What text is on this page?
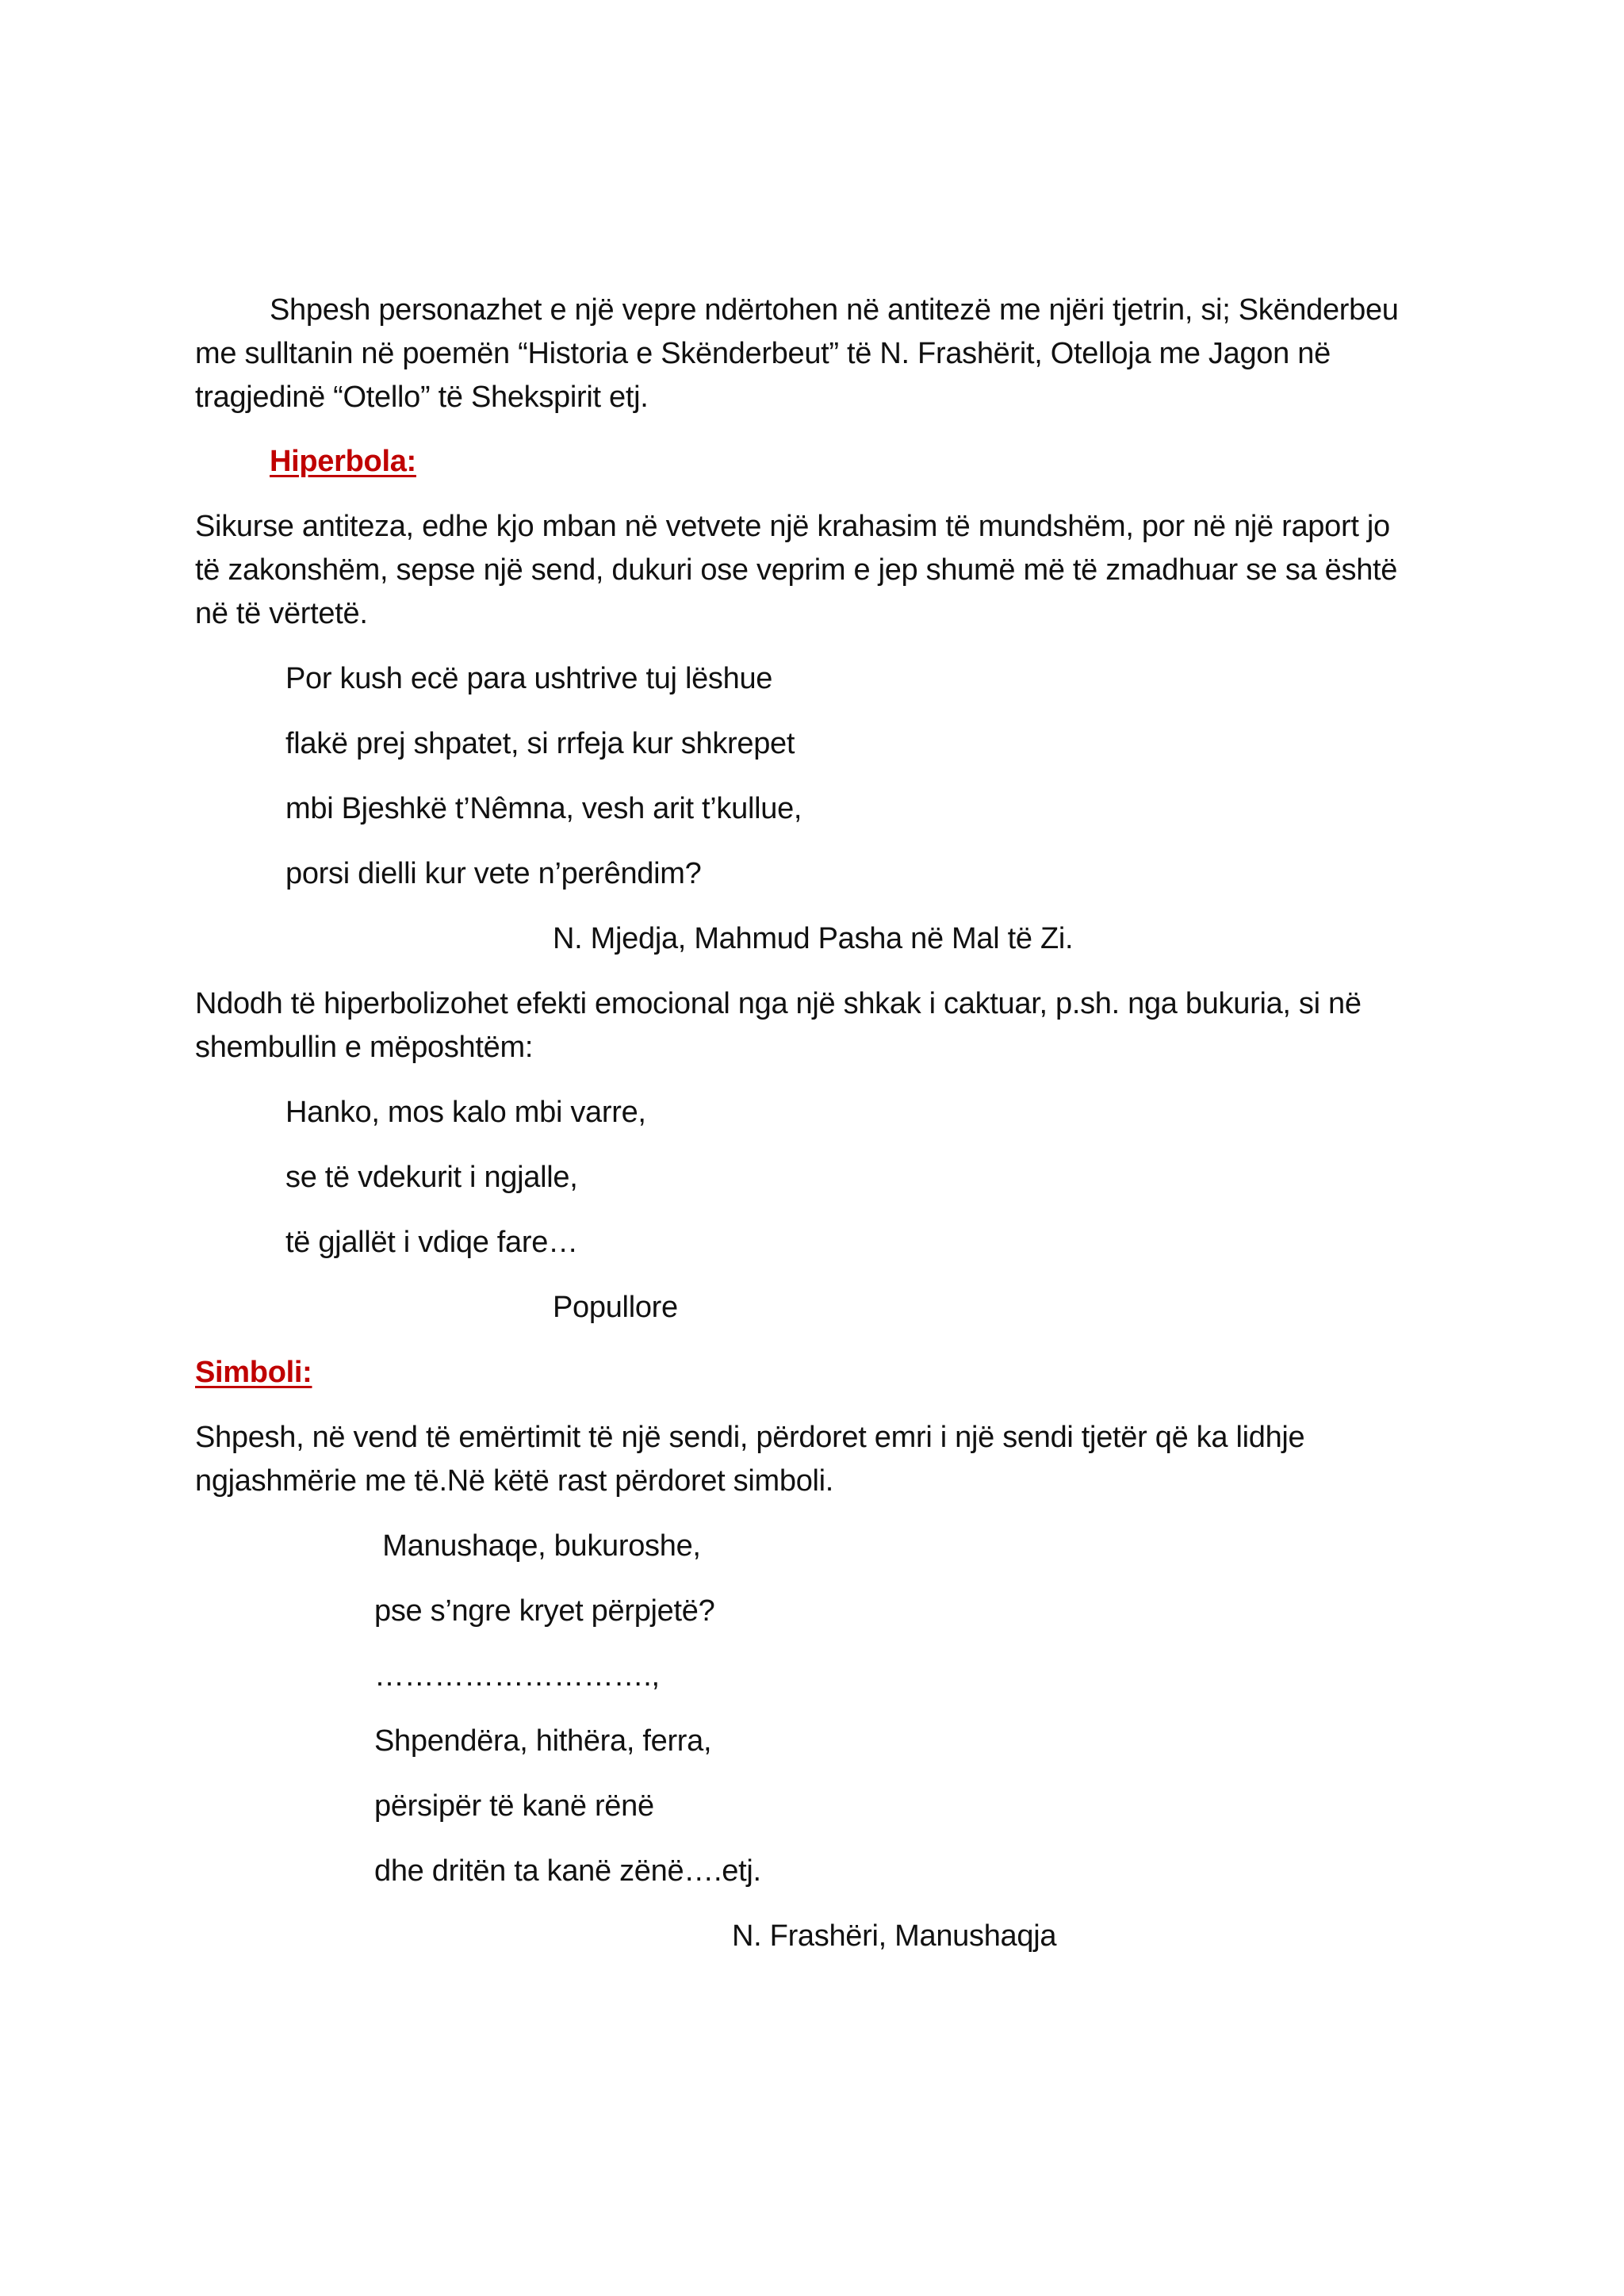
Shpesh personazhet e një vepre ndërtohen në antitezë me njëri tjetrin, si; Skënderbeu
me sulltanin në poemën “Historia e Skënderbeut” të N. Frashërit, Otelloja me Jagon në
tragjedinë “Otello” të Shekspirit etj.
Hiperbola:
Sikurse antiteza, edhe kjo mban në vetvete një krahasim të mundshëm, por në një raport jo
të zakonshëm, sepse një send, dukuri ose veprim e jep shumë më të zmadhuar se sa është
në të vërtetë.
Por kush ecë para ushtrive tuj lëshue
flakë prej shpatet, si rrfeja kur shkrepet
mbi Bjeshkë t’Nêmna, vesh arit t’kullue,
porsi dielli kur vete n’perêndim?
N. Mjedja, Mahmud Pasha në Mal të Zi.
Ndodh të hiperbolizohet efekti emocional nga një shkak i caktuar, p.sh. nga bukuria, si në
shembullin e mëposhtëm:
Hanko, mos kalo mbi varre,
se të vdekurit i ngjalle,
të gjallët i vdiqe fare…
Popullore
Simboli:
Shpesh, në vend të emërtimit të një sendi, përdoret emri i një sendi tjetër që ka lidhje
ngjashmërie me të.Në këtë rast përdoret simboli.
Manushaqe, bukuroshe,
pse s’ngre kryet përpjetë?
……………………….,
Shpendëra, hithëra, ferra,
përsipër të kanë rënë
dhe dritën ta kanë zënë….etj.
N. Frashëri, Manushaqja
